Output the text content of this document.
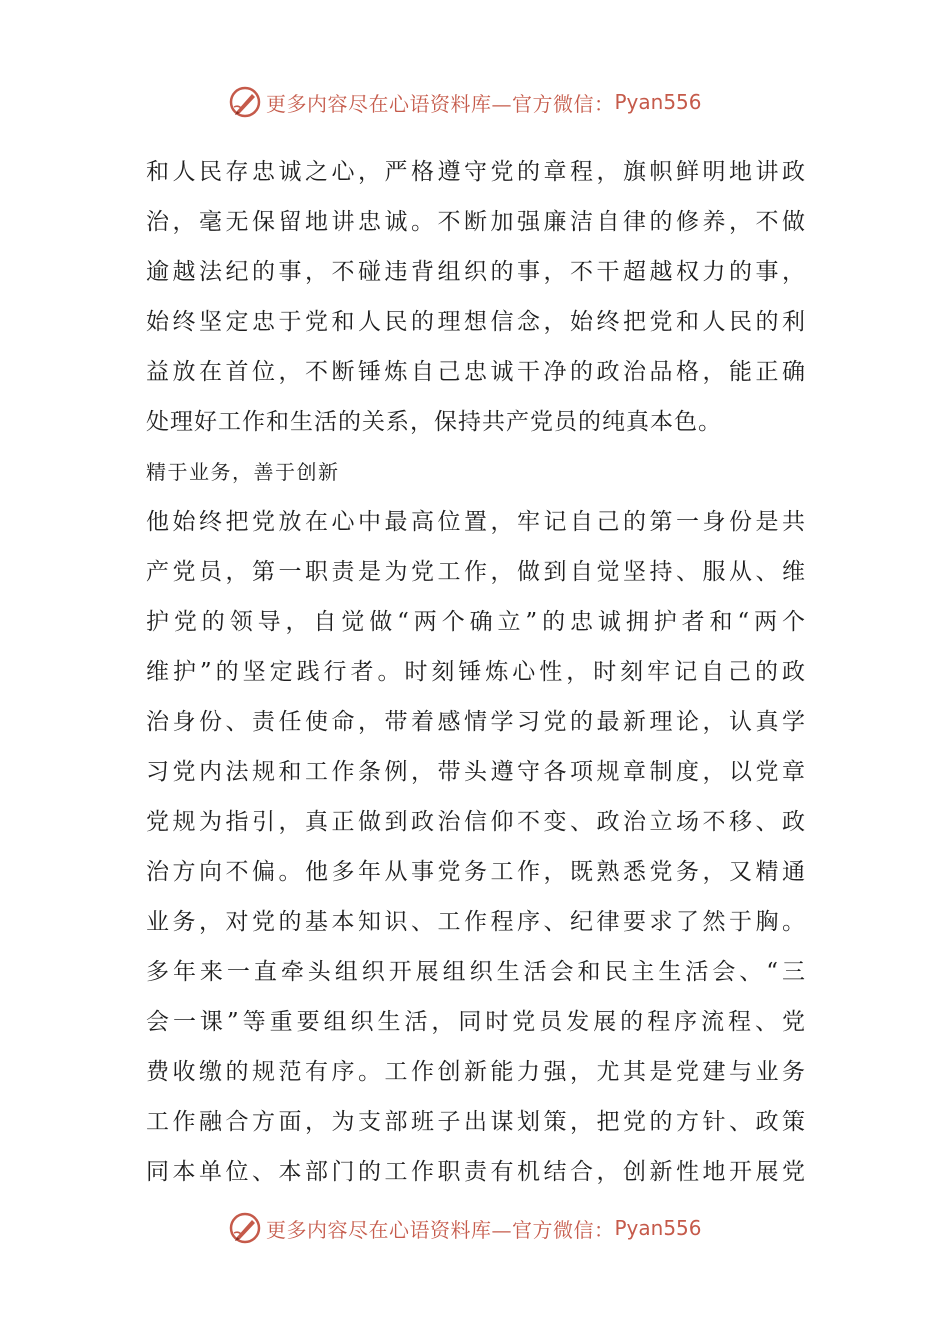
更多内容尽在心语资料库—官方微信： Pyan556
和人民存忠诚之心，严格遵守党的章程，旗帜鲜明地讲政
治，毫无保留地讲忠诚。不断加强廉洁自律的修养，不做
逾越法纪的事，不碰违背组织的事，不干超越权力的事，
始终坚定忠于党和人民的理想信念，始终把党和人民的利
益放在首位，不断锤炼自己忠诚干净的政治品格，能正确
处理好工作和生活的关系，保持共产党员的纯真本色。
精于业务，善于创新
他始终把党放在心中最高位置，牢记自己的第一身份是共
产党员，第一职责是为党工作，做到自觉坚持、服从、维
护党的领导，自觉做“两个确立”的忠诚拥护者和“两个
维护”的坚定践行者。时刻锤炼心性，时刻牢记自己的政
治身份、责任使命，带着感情学习党的最新理论，认真学
习党内法规和工作条例，带头遵守各项规章制度，以党章
党规为指引，真正做到政治信仰不变、政治立场不移、政
治方向不偏。他多年从事党务工作，既熟悉党务，又精通
业务，对党的基本知识、工作程序、纪律要求了然于胸。
多年来一直牵头组织开展组织生活会和民主生活会、“三
会一课”等重要组织生活，同时党员发展的程序流程、党
费收缴的规范有序。工作创新能力强，尤其是党建与业务
工作融合方面，为支部班子出谋划策，把党的方针、政策
同本单位、本部门的工作职责有机结合，创新性地开展党
更多内容尽在心语资料库—官方微信： Pyan556
